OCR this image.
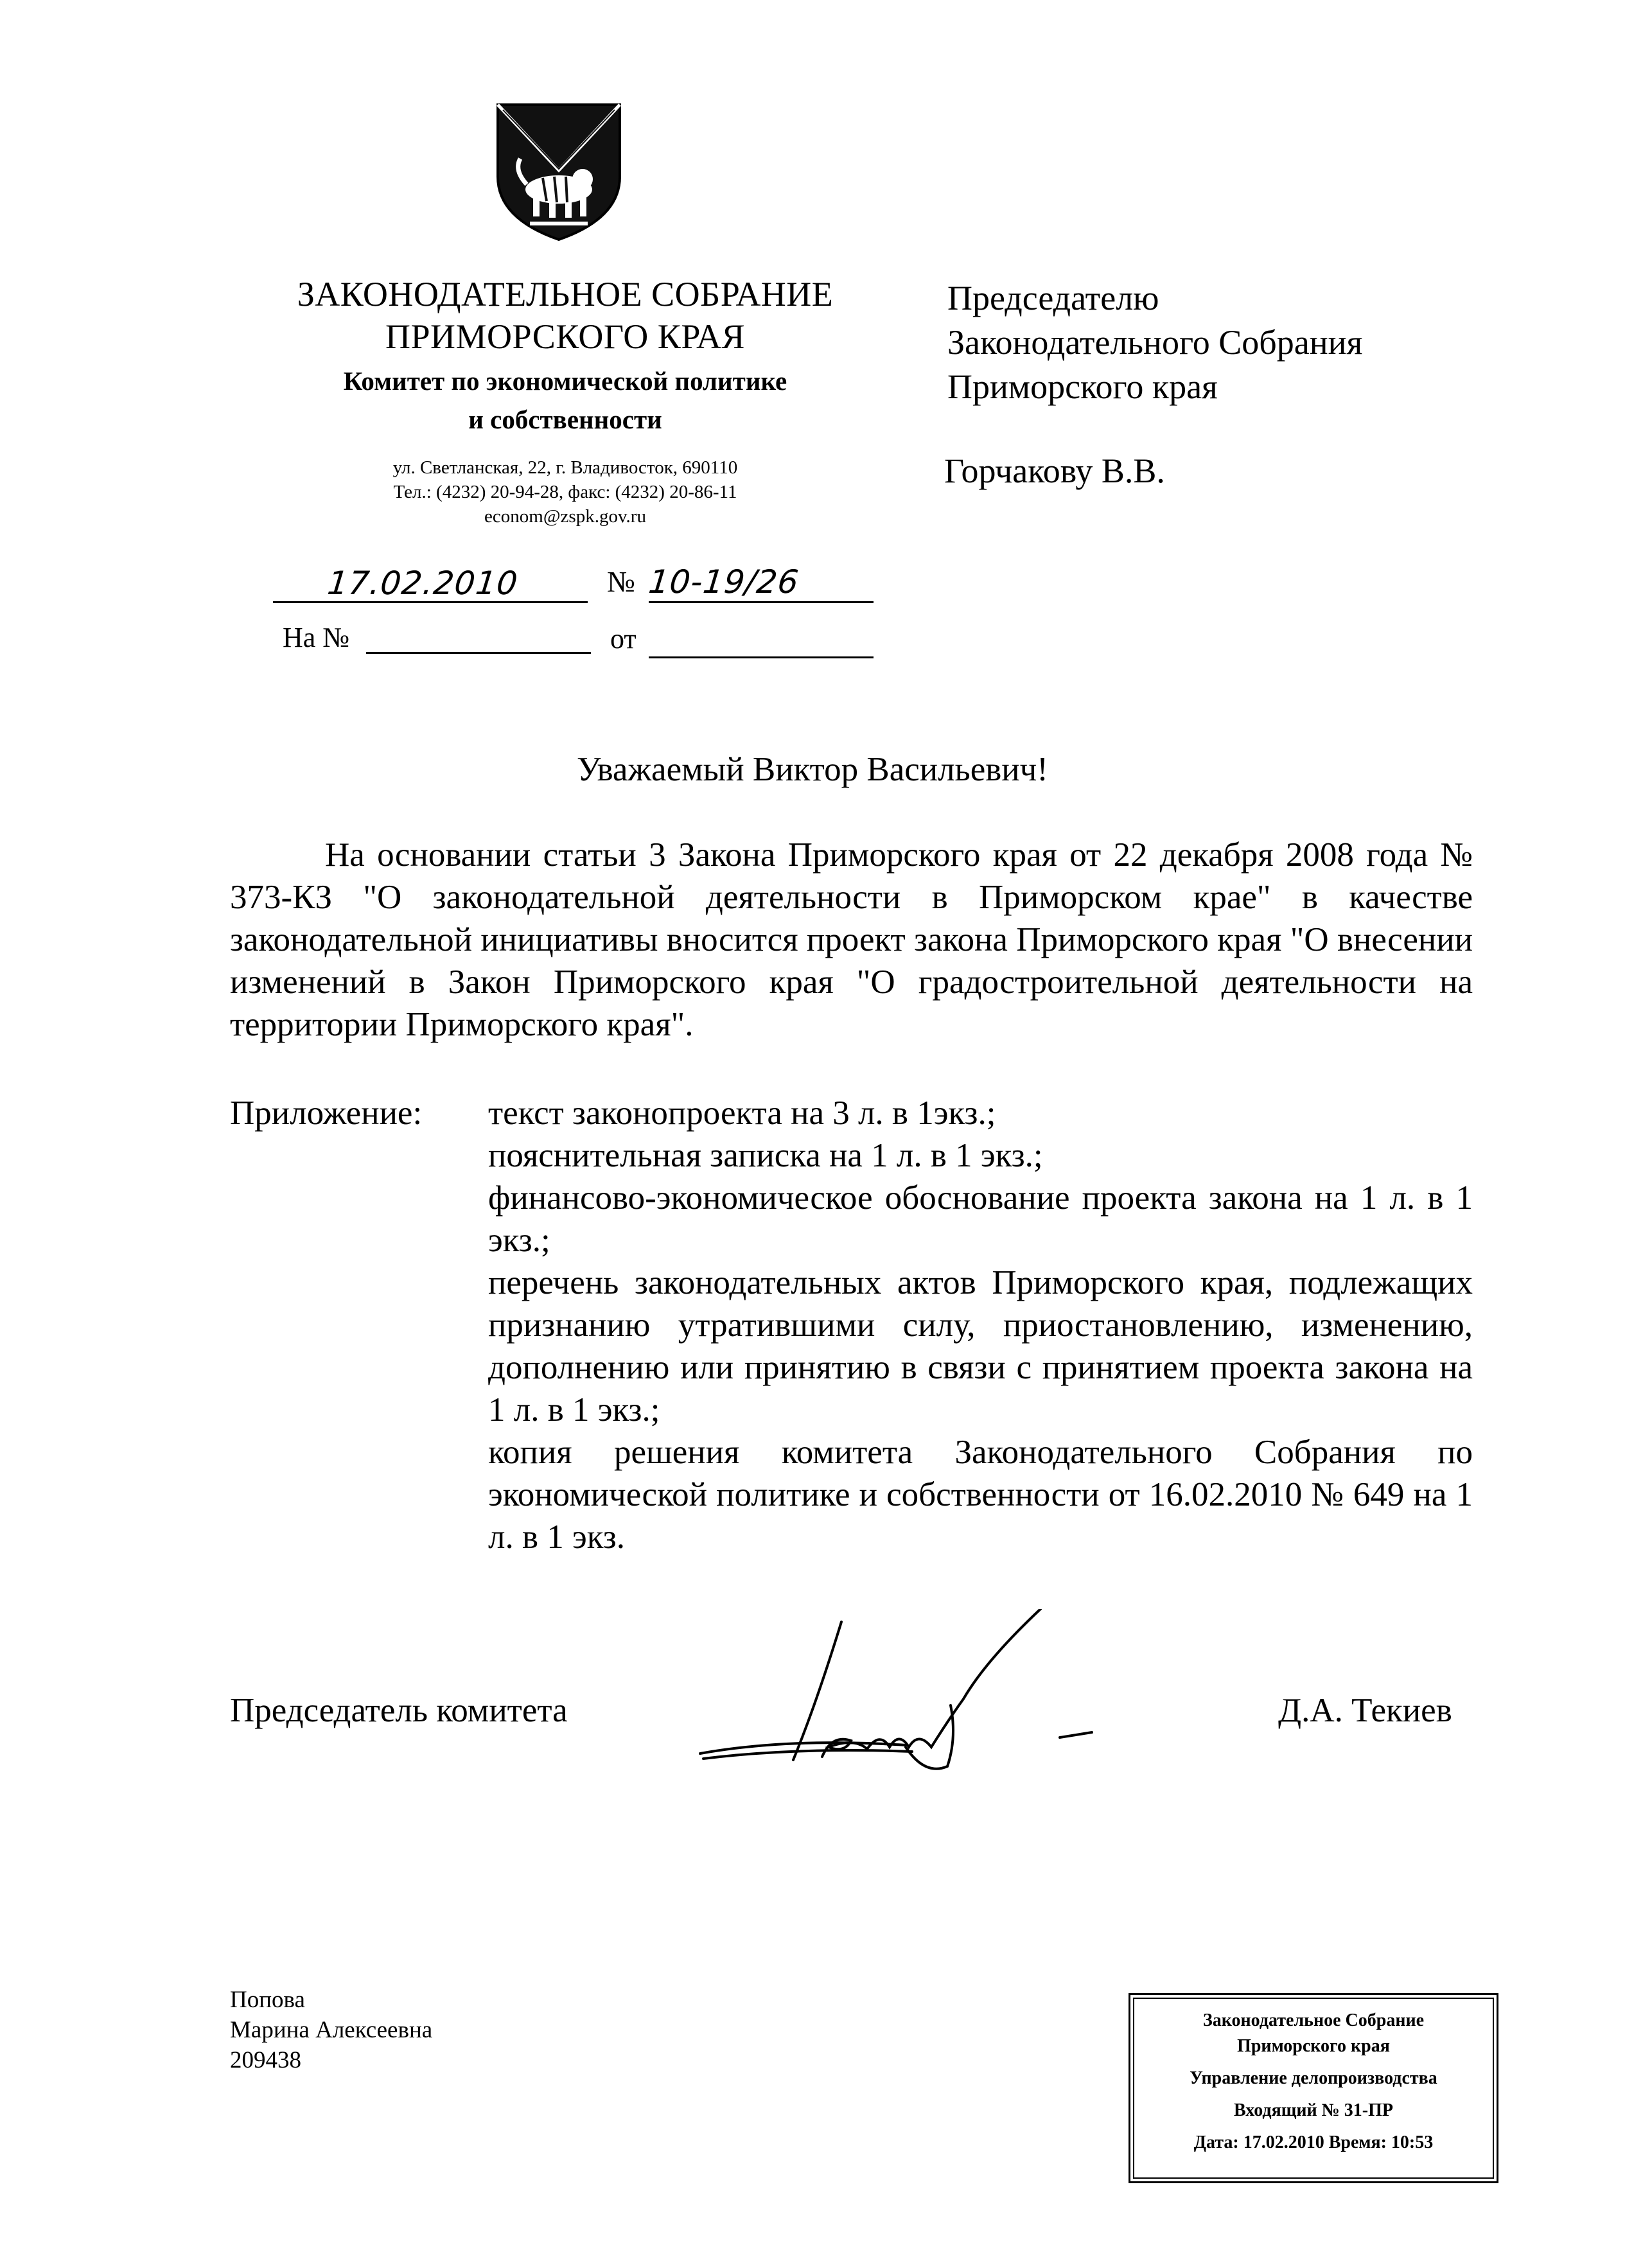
ЗАКОНОДАТЕЛЬНОЕ СОБРАНИЕ
ПРИМОРСКОГО КРАЯ
Комитет по экономической политике
и собственности
ул. Светланская, 22, г. Владивосток, 690110
Тел.: (4232) 20-94-28, факс: (4232) 20-86-11
econom@zspk.gov.ru
Председателю
Законодательного Собрания
Приморского края
Горчакову В.В.
17.02.2010	№ 10-19/26
На №	от
Уважаемый Виктор Васильевич!
На основании статьи 3 Закона Приморского края от 22 декабря 2008 года № 373-КЗ "О законодательной деятельности в Приморском крае" в качестве законодательной инициативы вносится проект закона Приморского края "О внесении изменений в Закон Приморского края "О градостроительной деятельности на территории Приморского края".
Приложение: текст законопроекта на 3 л. в 1экз.;
пояснительная записка на 1 л. в 1 экз.;
финансово-экономическое обоснование проекта закона на 1 л. в 1 экз.;
перечень законодательных актов Приморского края, подлежащих признанию утратившими силу, приостановлению, изменению, дополнению или принятию в связи с принятием проекта закона на 1 л. в 1 экз.;
копия решения комитета Законодательного Собрания по экономической политике и собственности от 16.02.2010 № 649 на 1 л. в 1 экз.
Председатель комитета	Д.А. Текиев
Попова
Марина Алексеевна
209438
Законодательное Собрание
Приморского края
Управление делопроизводства
Входящий № 31-ПР
Дата: 17.02.2010 Время: 10:53
